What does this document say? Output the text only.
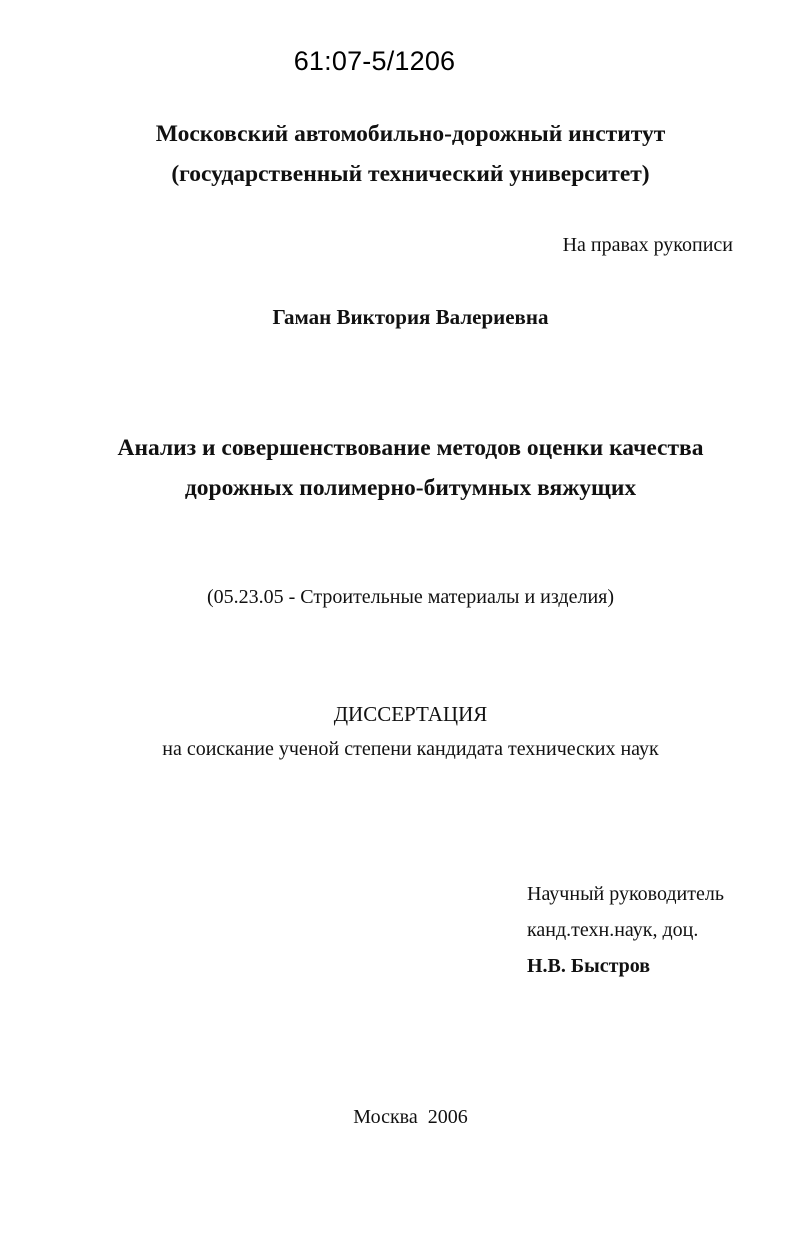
61:07-5/1206
Московский автомобильно-дорожный институт
(государственный технический университет)
На правах рукописи
Гаман Виктория Валериевна
Анализ и совершенствование методов оценки качества
дорожных полимерно-битумных вяжущих
(05.23.05 - Строительные материалы и изделия)
ДИССЕРТАЦИЯ
на соискание ученой степени кандидата технических наук
Научный руководитель
канд.техн.наук, доц.
Н.В. Быстров
Москва  2006
